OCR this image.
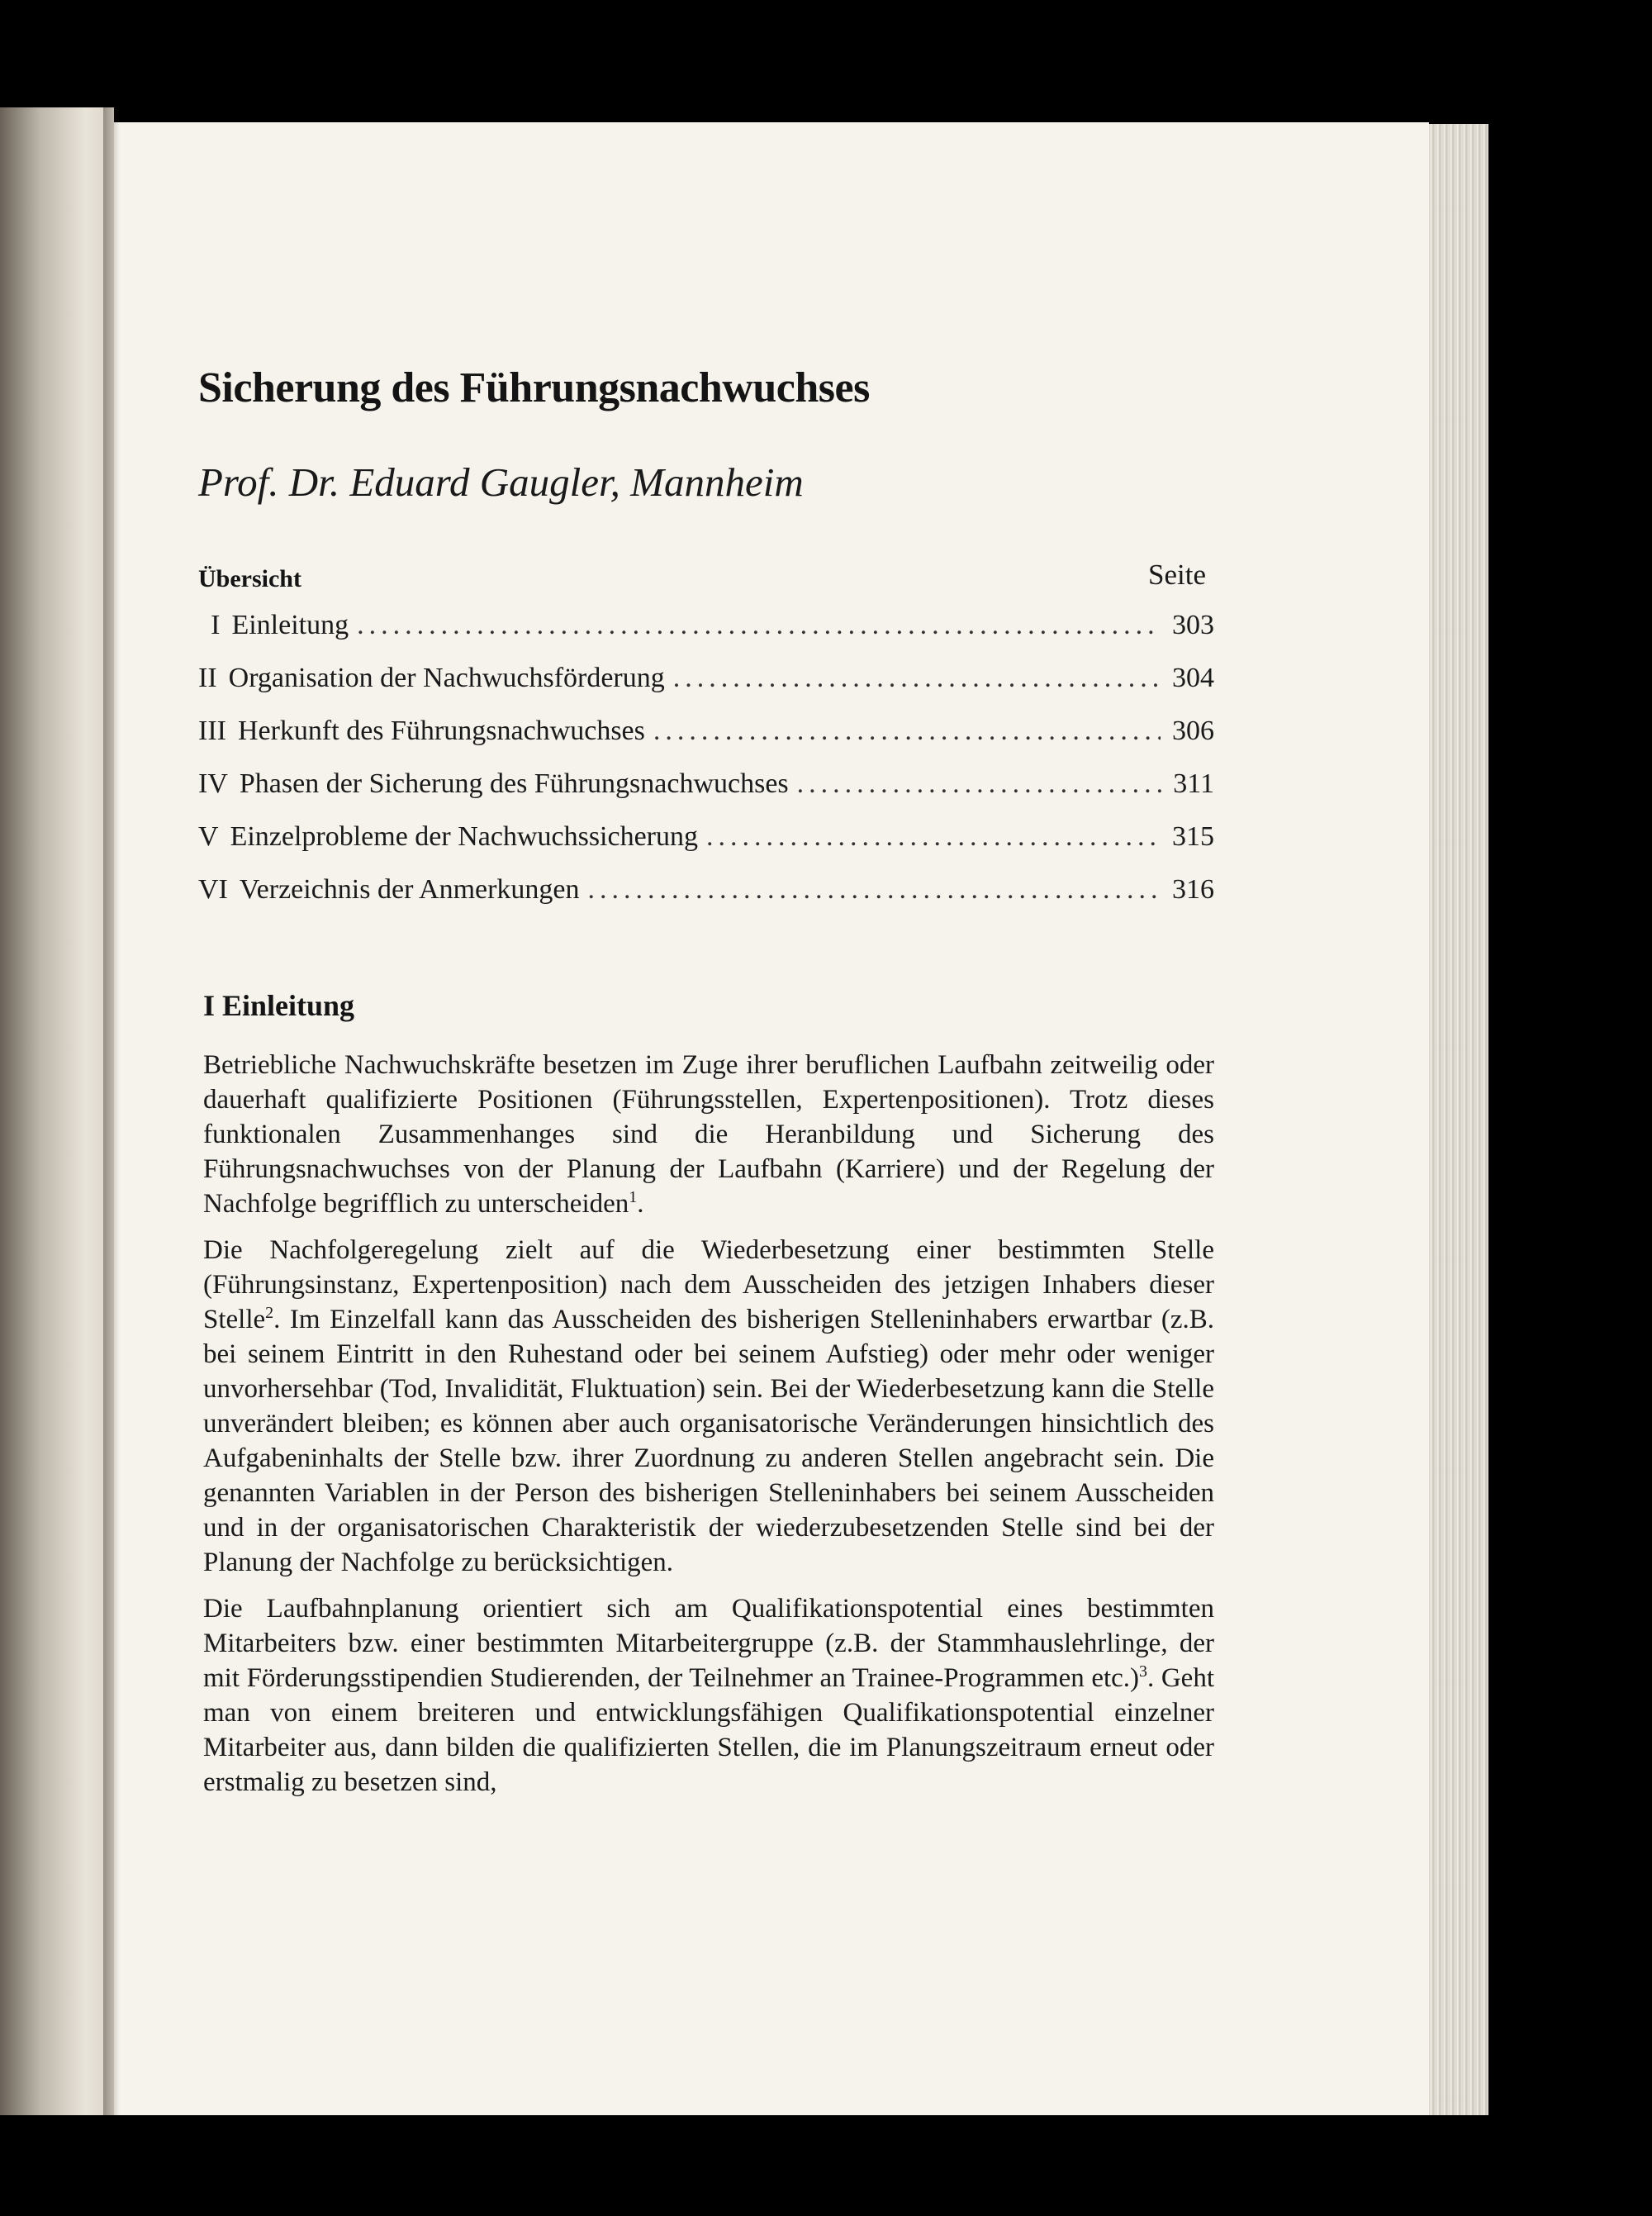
Sicherung des Führungsnachwuchses
Prof. Dr. Eduard Gaugler, Mannheim
Übersicht	Seite
I Einleitung .....	303
II Organisation der Nachwuchsförderung .....	304
III Herkunft des Führungsnachwuchses .....	306
IV Phasen der Sicherung des Führungsnachwuchses .....	311
V Einzelprobleme der Nachwuchssicherung .....	315
VI Verzeichnis der Anmerkungen .....	316
I Einleitung

Betriebliche Nachwuchskräfte besetzen im Zuge ihrer beruflichen Laufbahn zeitweilig oder dauerhaft qualifizierte Positionen (Führungsstellen, Expertenpositionen). Trotz dieses funktionalen Zusammenhanges sind die Heranbildung und Sicherung des Führungsnachwuchses von der Planung der Laufbahn (Karriere) und der Regelung der Nachfolge begrifflich zu unterscheiden$^1$.

Die Nachfolgeregelung zielt auf die Wiederbesetzung einer bestimmten Stelle (Führungsinstanz, Expertenposition) nach dem Ausscheiden des jetzigen Inhabers dieser Stelle$^2$. Im Einzelfall kann das Ausscheiden des bisherigen Stelleninhabers erwartbar (z.B. bei seinem Eintritt in den Ruhestand oder bei seinem Aufstieg) oder mehr oder weniger unvorhersehbar (Tod, Invalidität, Fluktuation) sein. Bei der Wiederbesetzung kann die Stelle unverändert bleiben; es können aber auch organisatorische Veränderungen hinsichtlich des Aufgabeninhalts der Stelle bzw. ihrer Zuordnung zu anderen Stellen angebracht sein. Die genannten Variablen in der Person des bisherigen Stelleninhabers bei seinem Ausscheiden und in der organisatorischen Charakteristik der wiederzubesetzenden Stelle sind bei der Planung der Nachfolge zu berücksichtigen.

Die Laufbahnplanung orientiert sich am Qualifikationspotential eines bestimmten Mitarbeiters bzw. einer bestimmten Mitarbeitergruppe (z.B. der Stammhauslehrlinge, der mit Förderungsstipendien Studierenden, der Teilnehmer an Trainee-Programmen etc.)$^3$. Geht man von einem breiteren und entwicklungsfähigen Qualifikationspotential einzelner Mitarbeiter aus, dann bilden die qualifizierten Stellen, die im Planungszeitraum erneut oder erstmalig zu besetzen sind,
